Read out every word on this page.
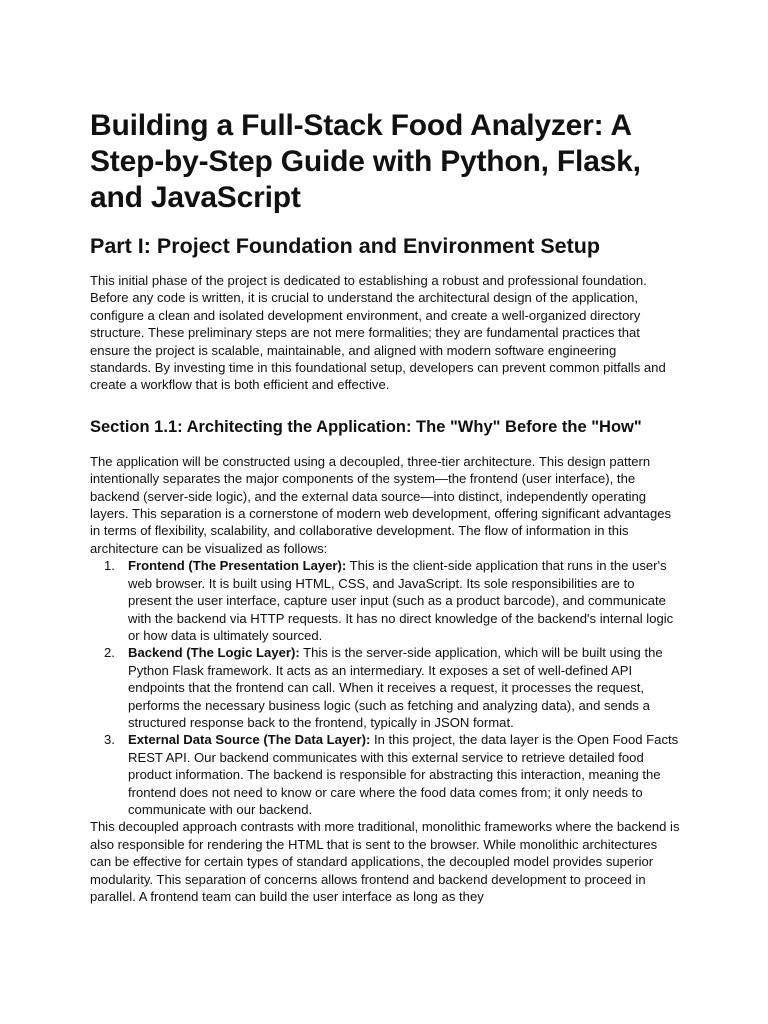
Building a Full-Stack Food Analyzer: A Step-by-Step Guide with Python, Flask, and JavaScript
Part I: Project Foundation and Environment Setup

This initial phase of the project is dedicated to establishing a robust and professional foundation. Before any code is written, it is crucial to understand the architectural design of the application, configure a clean and isolated development environment, and create a well-organized directory structure. These preliminary steps are not mere formalities; they are fundamental practices that ensure the project is scalable, maintainable, and aligned with modern software engineering standards. By investing time in this foundational setup, developers can prevent common pitfalls and create a workflow that is both efficient and effective.

Section 1.1: Architecting the Application: The "Why" Before the "How"

The application will be constructed using a decoupled, three-tier architecture. This design pattern intentionally separates the major components of the system—the frontend (user interface), the backend (server-side logic), and the external data source—into distinct, independently operating layers. This separation is a cornerstone of modern web development, offering significant advantages in terms of flexibility, scalability, and collaborative development. The flow of information in this architecture can be visualized as follows:

1. Frontend (The Presentation Layer): This is the client-side application that runs in the user's web browser. It is built using HTML, CSS, and JavaScript. Its sole responsibilities are to present the user interface, capture user input (such as a product barcode), and communicate with the backend via HTTP requests. It has no direct knowledge of the backend's internal logic or how data is ultimately sourced.
2. Backend (The Logic Layer): This is the server-side application, which will be built using the Python Flask framework. It acts as an intermediary. It exposes a set of well-defined API endpoints that the frontend can call. When it receives a request, it processes the request, performs the necessary business logic (such as fetching and analyzing data), and sends a structured response back to the frontend, typically in JSON format.
3. External Data Source (The Data Layer): In this project, the data layer is the Open Food Facts REST API. Our backend communicates with this external service to retrieve detailed food product information. The backend is responsible for abstracting this interaction, meaning the frontend does not need to know or care where the food data comes from; it only needs to communicate with our backend.

This decoupled approach contrasts with more traditional, monolithic frameworks where the backend is also responsible for rendering the HTML that is sent to the browser. While monolithic architectures can be effective for certain types of standard applications, the decoupled model provides superior modularity. This separation of concerns allows frontend and backend development to proceed in parallel. A frontend team can build the user interface as long as they
